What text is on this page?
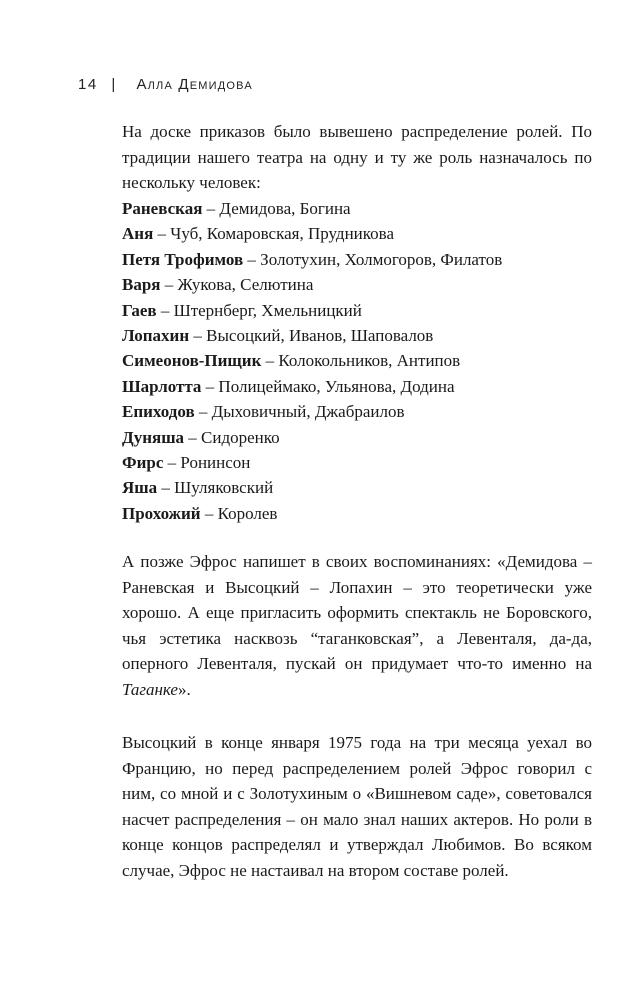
14 | Алла Демидова

На доске приказов было вывешено распределение ролей. По традиции нашего театра на одну и ту же роль назначалось по нескольку человек:

Раневская – Демидова, Богина
Аня – Чуб, Комаровская, Прудникова
Петя Трофимов – Золотухин, Холмогоров, Филатов
Варя – Жукова, Селютина
Гаев – Штернберг, Хмельницкий
Лопахин – Высоцкий, Иванов, Шаповалов
Симеонов-Пищик – Колокольников, Антипов
Шарлотта – Полицеймако, Ульянова, Додина
Епиходов – Дыховичный, Джабраилов
Дуняша – Сидоренко
Фирс – Ронинсон
Яша – Шуляковский
Прохожий – Королев

А позже Эфрос напишет в своих воспоминаниях: «Демидова – Раневская и Высоцкий – Лопахин – это теоретически уже хорошо. А еще пригласить оформить спектакль не Боровского, чья эстетика насквозь “таганковская”, а Левенталя, да-да, оперного Левенталя, пускай он придумает что-то именно на Таганке».

Высоцкий в конце января 1975 года на три месяца уехал во Францию, но перед распределением ролей Эфрос говорил с ним, со мной и с Золотухиным о «Вишневом саде», советовался насчет распределения – он мало знал наших актеров. Но роли в конце концов распределял и утверждал Любимов. Во всяком случае, Эфрос не настаивал на втором составе ролей.
